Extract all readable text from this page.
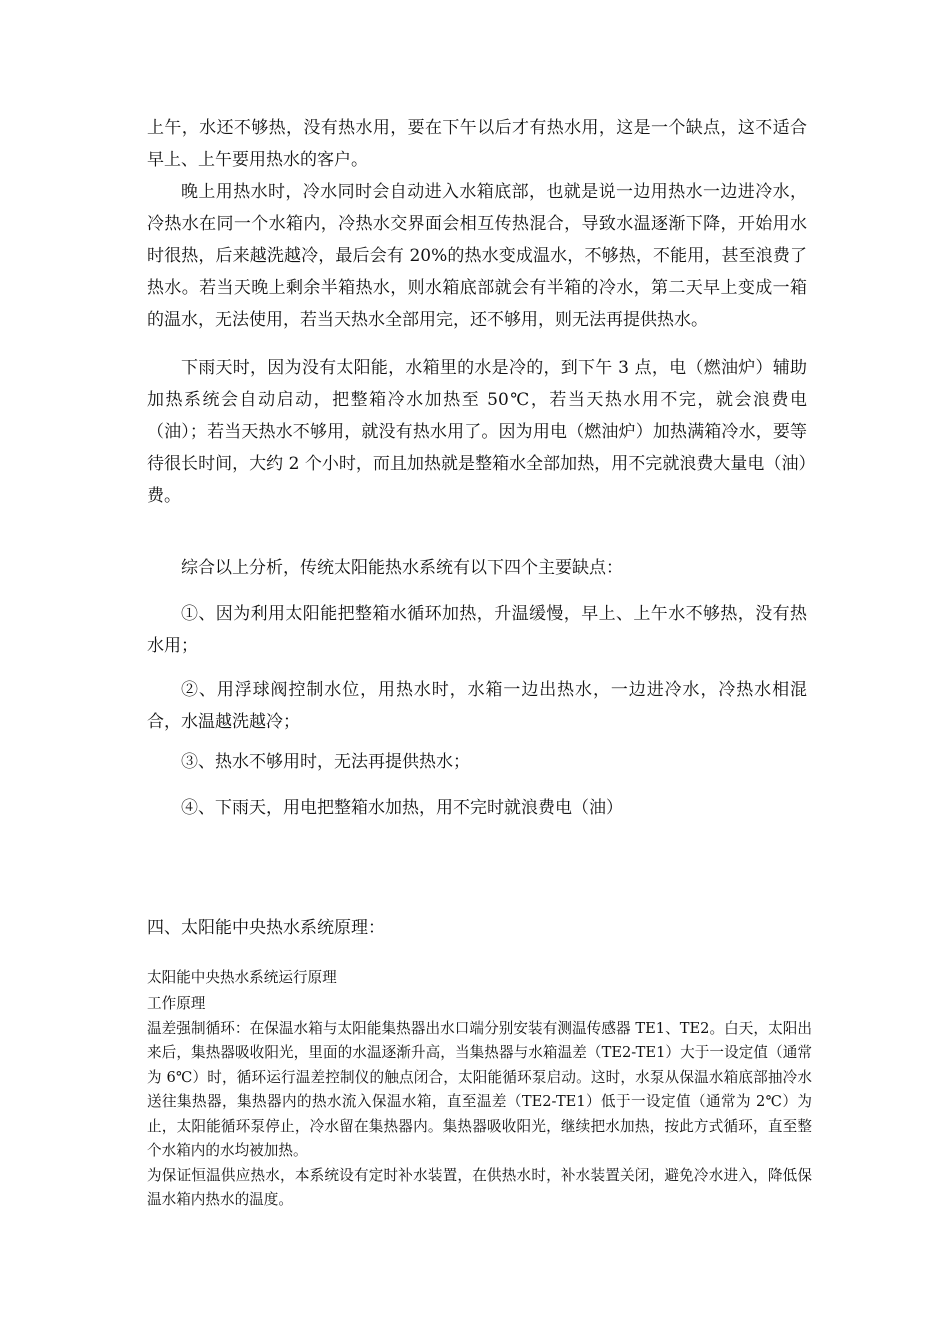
上午，水还不够热，没有热水用，要在下午以后才有热水用，这是一个缺点，这不适合早上、上午要用热水的客户。

晚上用热水时，冷水同时会自动进入水箱底部，也就是说一边用热水一边进冷水，冷热水在同一个水箱内，冷热水交界面会相互传热混合，导致水温逐渐下降，开始用水时很热，后来越洗越冷，最后会有 20%的热水变成温水，不够热，不能用，甚至浪费了热水。若当天晚上剩余半箱热水，则水箱底部就会有半箱的冷水，第二天早上变成一箱的温水，无法使用，若当天热水全部用完，还不够用，则无法再提供热水。

下雨天时，因为没有太阳能，水箱里的水是冷的，到下午 3 点，电（燃油炉）辅助加热系统会自动启动，把整箱冷水加热至 50℃，若当天热水用不完，就会浪费电（油）；若当天热水不够用，就没有热水用了。因为用电（燃油炉）加热满箱冷水，要等待很长时间，大约 2 个小时，而且加热就是整箱水全部加热，用不完就浪费大量电（油）费。

综合以上分析，传统太阳能热水系统有以下四个主要缺点：

①、因为利用太阳能把整箱水循环加热，升温缓慢，早上、上午水不够热，没有热水用；

②、用浮球阀控制水位，用热水时，水箱一边出热水，一边进冷水，冷热水相混合，水温越洗越冷；

③、热水不够用时，无法再提供热水；

④、下雨天，用电把整箱水加热，用不完时就浪费电（油）

四、太阳能中央热水系统原理：

太阳能中央热水系统运行原理

工作原理

温差强制循环：在保温水箱与太阳能集热器出水口端分别安装有测温传感器 TE1、TE2。白天，太阳出来后，集热器吸收阳光，里面的水温逐渐升高，当集热器与水箱温差（TE2-TE1）大于一设定值（通常为 6℃）时，循环运行温差控制仪的触点闭合，太阳能循环泵启动。这时，水泵从保温水箱底部抽冷水送往集热器，集热器内的热水流入保温水箱，直至温差（TE2-TE1）低于一设定值（通常为 2℃）为止，太阳能循环泵停止，冷水留在集热器内。集热器吸收阳光，继续把水加热，按此方式循环，直至整个水箱内的水均被加热。

为保证恒温供应热水，本系统设有定时补水装置，在供热水时，补水装置关闭，避免冷水进入，降低保温水箱内热水的温度。
